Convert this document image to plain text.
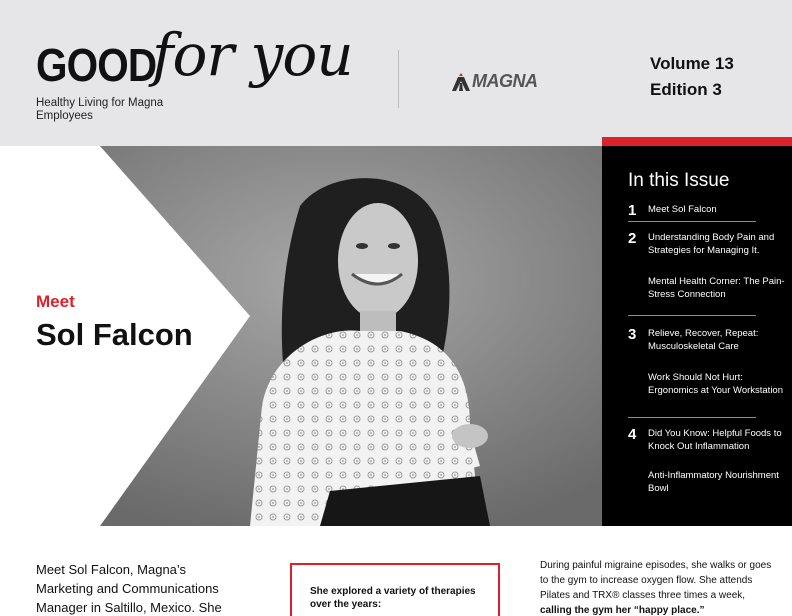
GOOD
for you
Healthy Living for Magna Employees
MAGNA
Volume 13
Edition 3
Meet
Sol Falcon
In this Issue
1 Meet Sol Falcon
2 Understanding Body Pain and Strategies for Managing It.
Mental Health Corner: The Pain-Stress Connection
3 Relieve, Recover, Repeat: Musculoskeletal Care
Work Should Not Hurt: Ergonomics at Your Workstation
4 Did You Know: Helpful Foods to Knock Out Inflammation
Anti-Inflammatory Nourishment Bowl
Meet Sol Falcon, Magna’s Marketing and Communications Manager in Saltillo, Mexico. She
She explored a variety of therapies over the years:
During painful migraine episodes, she walks or goes to the gym to increase oxygen flow. She attends Pilates and TRX® classes three times a week, calling the gym her “happy place.”
